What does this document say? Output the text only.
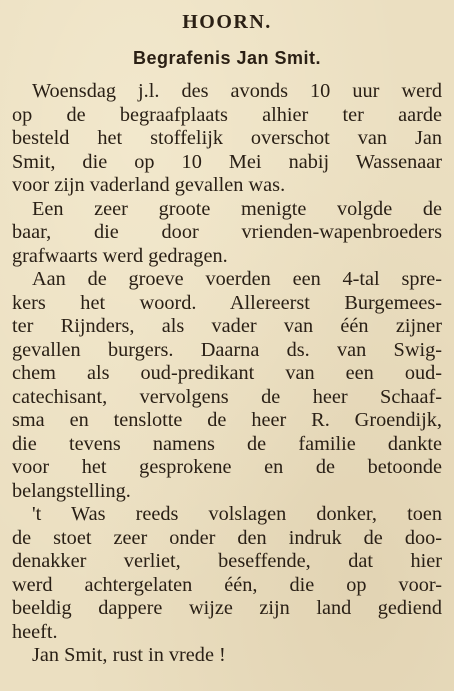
HOORN.
Begrafenis Jan Smit.
Woensdag j.l. des avonds 10 uur werd
op de begraafplaats alhier ter aarde
besteld het stoffelijk overschot van Jan
Smit, die op 10 Mei nabij Wassenaar
voor zijn vaderland gevallen was.
Een zeer groote menigte volgde de
baar, die door vrienden-wapenbroeders
grafwaarts werd gedragen.
Aan de groeve voerden een 4-tal spre-
kers het woord. Allereerst Burgemees-
ter Rijnders, als vader van één zijner
gevallen burgers. Daarna ds. van Swig-
chem als oud-predikant van een oud-
catechisant, vervolgens de heer Schaaf-
sma en tenslotte de heer R. Groendijk,
die tevens namens de familie dankte
voor het gesprokene en de betoonde
belangstelling.
't Was reeds volslagen donker, toen
de stoet zeer onder den indruk de doo-
denakker verliet, beseffende, dat hier
werd achtergelaten één, die op voor-
beeldig dappere wijze zijn land gediend
heeft.
Jan Smit, rust in vrede !
